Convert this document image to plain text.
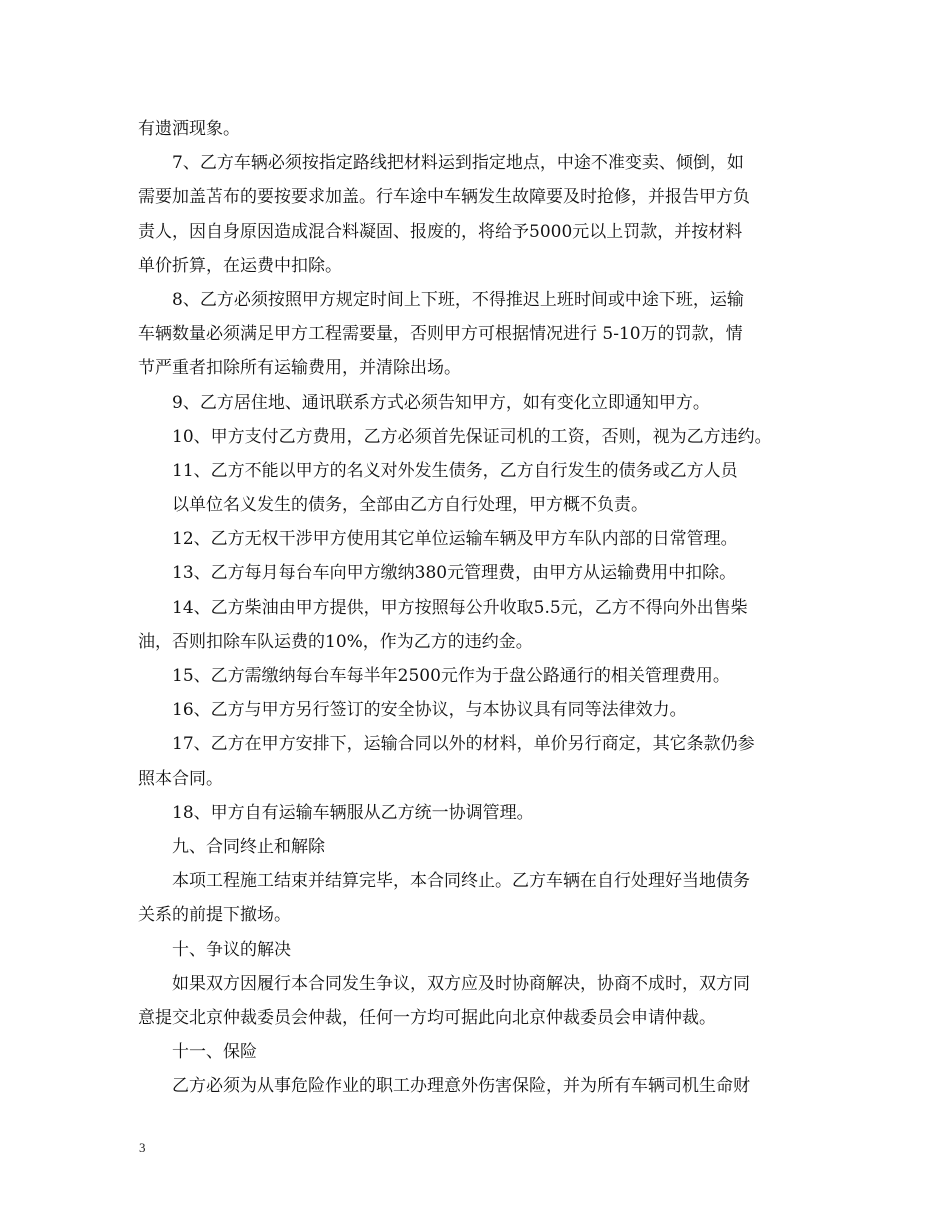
有遗洒现象。
7、乙方车辆必须按指定路线把材料运到指定地点，中途不准变卖、倾倒，如
需要加盖苫布的要按要求加盖。行车途中车辆发生故障要及时抢修，并报告甲方负
责人，因自身原因造成混合料凝固、报废的，将给予5000元以上罚款，并按材料
单价折算，在运费中扣除。
8、乙方必须按照甲方规定时间上下班，不得推迟上班时间或中途下班，运输
车辆数量必须满足甲方工程需要量，否则甲方可根据情况进行 5-10万的罚款，情
节严重者扣除所有运输费用，并清除出场。
9、乙方居住地、通讯联系方式必须告知甲方，如有变化立即通知甲方。
10、甲方支付乙方费用，乙方必须首先保证司机的工资，否则，视为乙方违约。
11、乙方不能以甲方的名义对外发生债务，乙方自行发生的债务或乙方人员
以单位名义发生的债务，全部由乙方自行处理，甲方概不负责。
12、乙方无权干涉甲方使用其它单位运输车辆及甲方车队内部的日常管理。
13、乙方每月每台车向甲方缴纳380元管理费，由甲方从运输费用中扣除。
14、乙方柴油由甲方提供，甲方按照每公升收取5.5元，乙方不得向外出售柴
油，否则扣除车队运费的10%，作为乙方的违约金。
15、乙方需缴纳每台车每半年2500元作为于盘公路通行的相关管理费用。
16、乙方与甲方另行签订的安全协议，与本协议具有同等法律效力。
17、乙方在甲方安排下，运输合同以外的材料，单价另行商定，其它条款仍参
照本合同。
18、甲方自有运输车辆服从乙方统一协调管理。
九、合同终止和解除
本项工程施工结束并结算完毕，本合同终止。乙方车辆在自行处理好当地债务
关系的前提下撤场。
十、争议的解决
如果双方因履行本合同发生争议，双方应及时协商解决，协商不成时，双方同
意提交北京仲裁委员会仲裁，任何一方均可据此向北京仲裁委员会申请仲裁。
十一、保险
乙方必须为从事危险作业的职工办理意外伤害保险，并为所有车辆司机生命财
3
